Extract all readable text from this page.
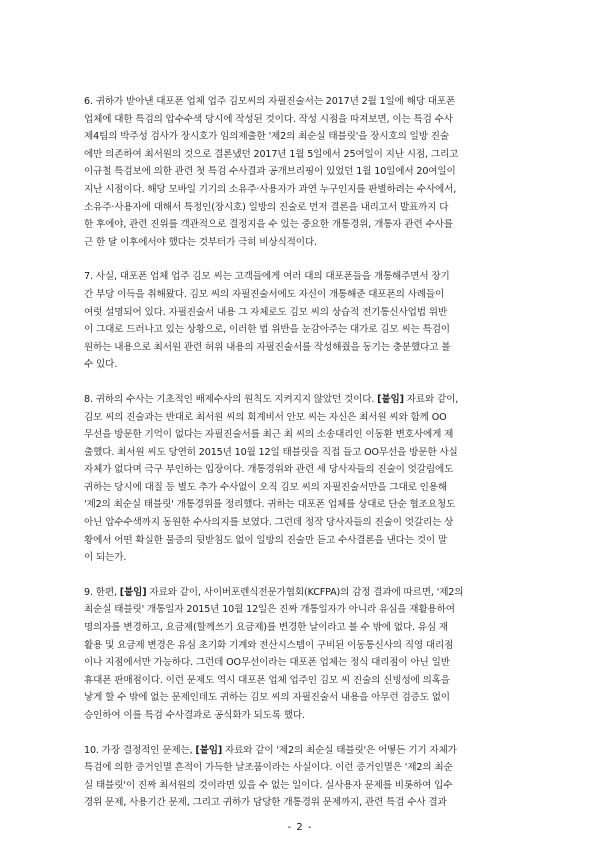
6. 귀하가 받아낸 대포폰 업체 업주 김모씨의 자필진술서는 2017년 2월 1일에 해당 대포폰
업체에 대한 특검의 압수수색 당시에 작성된 것이다. 작성 시점을 따져보면, 이는 특검 수사
제4팀의 박주성 검사가 장시호가 임의제출한 '제2의 최순실 태블릿'을 장시호의 일방 진술
에만 의존하여 최서원의 것으로 결론냈던 2017년 1월 5일에서 25여일이 지난 시점, 그리고
이규철 특검보에 의한 관련 첫 특검 수사결과 공개브리핑이 있었던 1월 10일에서 20여일이
지난 시점이다. 해당 모바일 기기의 소유주·사용자가 과연 누구인지를 판별하려는 수사에서,
소유주·사용자에 대해서 특정인(장시호) 일방의 진술로 먼저 결론을 내리고서 발표까지 다
한 후에야, 관련 진위를 객관적으로 결정지을 수 있는 중요한 개통경위, 개통자 관련 수사를
근 한 달 이후에서야 했다는 것부터가 극히 비상식적이다.

7. 사실, 대포폰 업체 업주 김모 씨는 고객들에게 여러 대의 대포폰들을 개통해주면서 장기
간 부당 이득을 취해왔다. 김모 씨의 자필진술서에도 자신이 개통해준 대포폰의 사례들이
여럿 설명되어 있다. 자필진술서 내용 그 자체로도 김모 씨의 상습적 전기통신사업법 위반
이 그대로 드러나고 있는 상황으로, 이러한 법 위반을 눈감아주는 대가로 김모 씨는 특검이
원하는 내용으로 최서원 관련 허위 내용의 자필진술서를 작성해줬을 동기는 충분했다고 볼
수 있다.

8. 귀하의 수사는 기초적인 배제수사의 원칙도 지켜지지 않았던 것이다. [붙임] 자료와 같이,
김모 씨의 진술과는 반대로 최서원 씨의 회계비서 안모 씨는 자신은 최서원 씨와 함께 OO
무선을 방문한 기억이 없다는 자필진술서를 최근 최 씨의 소송대리인 이동환 변호사에게 제
출했다. 최서원 씨도 당연히 2015년 10월 12일 태블릿을 직접 들고 OO무선을 방문한 사실
자체가 없다며 극구 부인하는 입장이다. 개통경위와 관련 세 당사자들의 진술이 엇갈림에도
귀하는 당시에 대질 등 별도 추가 수사없이 오직 김모 씨의 자필진술서만을 그대로 인용해
'제2의 최순실 태블릿' 개통경위를 정리했다. 귀하는 대포폰 업체를 상대로 단순 협조요청도
아닌 압수수색까지 동원한 수사의지를 보였다. 그런데 정작 당사자들의 진술이 엇갈리는 상
황에서 어떤 확실한 물증의 뒷받침도 없이 일방의 진술만 듣고 수사결론을 낸다는 것이 말
이 되는가.

9. 한편, [붙임] 자료와 같이, 사이버포렌식전문가협회(KCFPA)의 감정 결과에 따르면, '제2의
최순실 태블릿' 개통일자 2015년 10월 12일은 진짜 개통일자가 아니라 유심을 재활용하여
명의자를 변경하고, 요금제(할께쓰기 요금제)를 변경한 날이라고 볼 수 밖에 없다. 유심 재
활용 및 요금제 변경은 유심 초기화 기계와 전산시스템이 구비된 이동통신사의 직영 대리점
이나 지점에서만 가능하다. 그런데 OO무선이라는 대포폰 업체는 정식 대리점이 아닌 일반
휴대폰 판매점이다. 이런 문제도 역시 대포폰 업체 업주인 김모 씨 진술의 신빙성에 의혹을
낳게 할 수 밖에 없는 문제인데도 귀하는 김모 씨의 자필진술서 내용을 아무런 검증도 없이
승인하여 이를 특검 수사결과로 공식화가 되도록 했다.

10. 가장 결정적인 문제는, [붙임] 자료와 같이 '제2의 최순실 태블릿'은 어떻든 기기 자체가
특검에 의한 증거인멸 흔적이 가득한 날조품이라는 사실이다. 이런 증거인멸은 '제2의 최순
실 태블릿'이 진짜 최서원의 것이라면 있을 수 없는 일이다. 실사용자 문제를 비롯하여 입수
경위 문제, 사용기간 문제, 그리고 귀하가 담당한 개통경위 문제까지, 관련 특검 수사 결과

- 2 -
